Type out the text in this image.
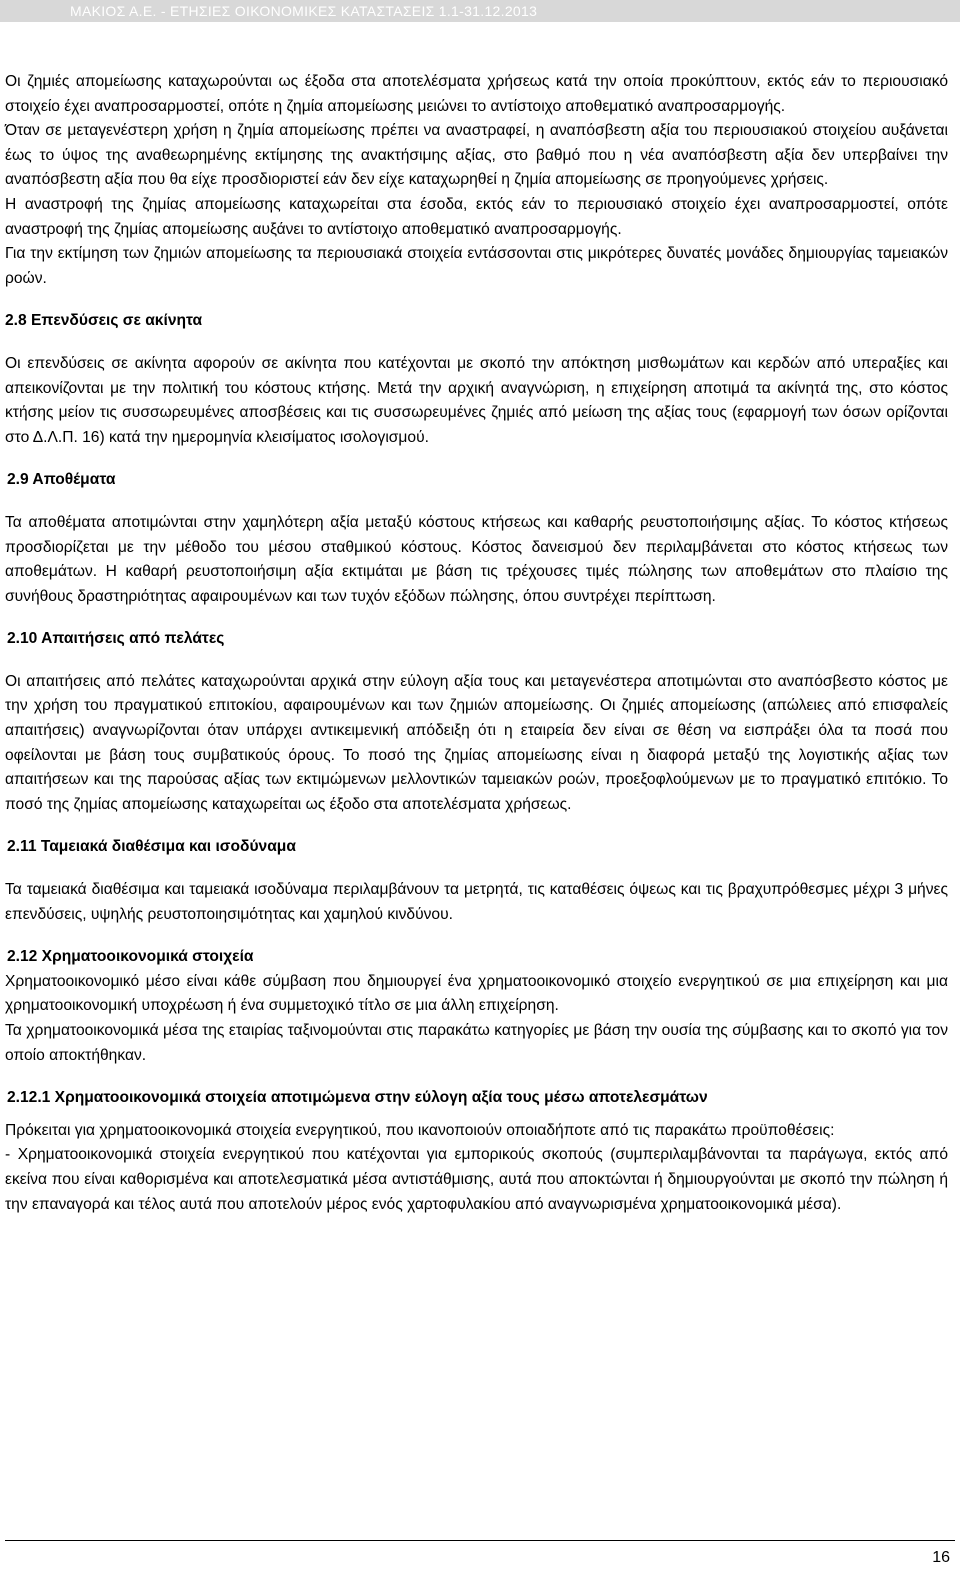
ΜΑΚΙΟΣ Α.Ε. - ΕΤΗΣΙΕΣ ΟΙΚΟΝΟΜΙΚΕΣ ΚΑΤΑΣΤΑΣΕΙΣ 1.1-31.12.2013

Οι ζημιές απομείωσης καταχωρούνται ως έξοδα στα αποτελέσματα χρήσεως κατά την οποία προκύπτουν, εκτός εάν το περιουσιακό στοιχείο έχει αναπροσαρμοστεί, οπότε η ζημία απομείωσης μειώνει το αντίστοιχο αποθεματικό αναπροσαρμογής.

Όταν σε μεταγενέστερη χρήση η ζημία απομείωσης πρέπει να αναστραφεί, η αναπόσβεστη αξία του περιουσιακού στοιχείου αυξάνεται έως το ύψος της αναθεωρημένης εκτίμησης της ανακτήσιμης αξίας, στο βαθμό που η νέα αναπόσβεστη αξία δεν υπερβαίνει την αναπόσβεστη αξία που θα είχε προσδιοριστεί εάν δεν είχε καταχωρηθεί η ζημία απομείωσης σε προηγούμενες χρήσεις.

Η αναστροφή της ζημίας απομείωσης καταχωρείται στα έσοδα, εκτός εάν το περιουσιακό στοιχείο έχει αναπροσαρμοστεί, οπότε αναστροφή της ζημίας απομείωσης αυξάνει το αντίστοιχο αποθεματικό αναπροσαρμογής.

Για την εκτίμηση των ζημιών απομείωσης τα περιουσιακά στοιχεία εντάσσονται στις μικρότερες δυνατές μονάδες δημιουργίας ταμειακών ροών.

2.8 Επενδύσεις σε ακίνητα

Οι επενδύσεις σε ακίνητα αφορούν σε ακίνητα που κατέχονται με σκοπό την απόκτηση μισθωμάτων και κερδών από υπεραξίες και απεικονίζονται με την πολιτική του κόστους κτήσης. Μετά την αρχική αναγνώριση, η επιχείρηση αποτιμά τα ακίνητά της, στο κόστος κτήσης μείον τις συσσωρευμένες αποσβέσεις και τις συσσωρευμένες ζημιές από μείωση της αξίας τους (εφαρμογή των όσων ορίζονται στο Δ.Λ.Π. 16) κατά την ημερομηνία κλεισίματος ισολογισμού.

2.9 Αποθέματα

Τα αποθέματα αποτιμώνται στην χαμηλότερη αξία μεταξύ κόστους κτήσεως και καθαρής ρευστοποιήσιμης αξίας. Το κόστος κτήσεως προσδιορίζεται με την μέθοδο του μέσου σταθμικού κόστους. Κόστος δανεισμού δεν περιλαμβάνεται στο κόστος κτήσεως των αποθεμάτων. Η καθαρή ρευστοποιήσιμη αξία εκτιμάται με βάση τις τρέχουσες τιμές πώλησης των αποθεμάτων στο πλαίσιο της συνήθους δραστηριότητας αφαιρουμένων και των τυχόν εξόδων πώλησης, όπου συντρέχει περίπτωση.

2.10 Απαιτήσεις από πελάτες

Οι απαιτήσεις από πελάτες καταχωρούνται αρχικά στην εύλογη αξία τους και μεταγενέστερα αποτιμώνται στο αναπόσβεστο κόστος με την χρήση του πραγματικού επιτοκίου, αφαιρουμένων και των ζημιών απομείωσης. Οι ζημιές απομείωσης (απώλειες από επισφαλείς απαιτήσεις) αναγνωρίζονται όταν υπάρχει αντικειμενική απόδειξη ότι η εταιρεία δεν είναι σε θέση να εισπράξει όλα τα ποσά που οφείλονται με βάση τους συμβατικούς όρους. Το ποσό της ζημίας απομείωσης είναι η διαφορά μεταξύ της λογιστικής αξίας των απαιτήσεων και της παρούσας αξίας των εκτιμώμενων μελλοντικών ταμειακών ροών, προεξοφλούμενων με το πραγματικό επιτόκιο. Το ποσό της ζημίας απομείωσης καταχωρείται ως έξοδο στα αποτελέσματα χρήσεως.

2.11 Ταμειακά διαθέσιμα και ισοδύναμα

Τα ταμειακά διαθέσιμα και ταμειακά ισοδύναμα περιλαμβάνουν τα μετρητά, τις καταθέσεις όψεως και τις βραχυπρόθεσμες μέχρι 3 μήνες επενδύσεις, υψηλής ρευστοποιησιμότητας και χαμηλού κινδύνου.

2.12 Χρηματοοικονομικά στοιχεία

Χρηματοοικονομικό μέσο είναι κάθε σύμβαση που δημιουργεί ένα χρηματοοικονομικό στοιχείο ενεργητικού σε μια επιχείρηση και μια χρηματοοικονομική υποχρέωση ή ένα συμμετοχικό τίτλο σε μια άλλη επιχείρηση.

Τα χρηματοοικονομικά μέσα της εταιρίας ταξινομούνται στις παρακάτω κατηγορίες με βάση την ουσία της σύμβασης και το σκοπό για τον οποίο αποκτήθηκαν.

2.12.1 Χρηματοοικονομικά στοιχεία αποτιμώμενα στην εύλογη αξία τους μέσω αποτελεσμάτων

Πρόκειται για χρηματοοικονομικά στοιχεία ενεργητικού, που ικανοποιούν οποιαδήποτε από τις παρακάτω προϋποθέσεις:

- Χρηματοοικονομικά στοιχεία ενεργητικού που κατέχονται για εμπορικούς σκοπούς (συμπεριλαμβάνονται τα παράγωγα, εκτός από εκείνα που είναι καθορισμένα και αποτελεσματικά μέσα αντιστάθμισης, αυτά που αποκτώνται ή δημιουργούνται με σκοπό την πώληση ή την επαναγορά και τέλος αυτά που αποτελούν μέρος ενός χαρτοφυλακίου από αναγνωρισμένα χρηματοοικονομικά μέσα).

16
